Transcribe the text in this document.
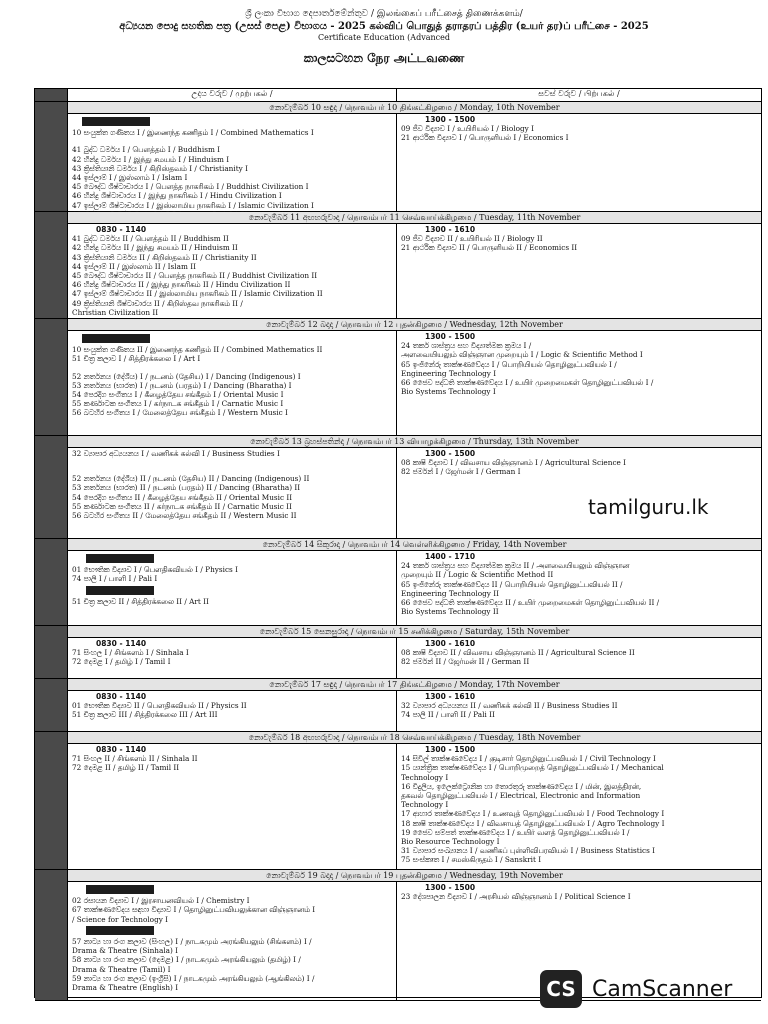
ශ්‍රී ලංකා විභාග දෙපාර්තමේන්තුව / இலங்கைப் பரீட்சைத் திணைக்களம்/
අධ්‍යයන පොදු සහතික පත්‍ර (උසස් පෙළ) විභාගය - 2025 கல்விப் பொதுத் தராதரப் பத்திர (உயர் தர)ப் பரீட்சை - 2025
Certificate Education (Advanced
කාලසටහන நேர அட்டவணை
උදය වරුව / முற்பகல் /	සවස් වරුව / பிற்பகல் /
නොවැම්බර් 10 සඳුදා / நொவம்பர் 10 திங்கட்கிழமை / Monday, 10th November
10 සංයුක්ත ගණිතය I / இணைந்த கணிதம் I / Combined Mathematics I
41 බුද්ධ ධර්මය I / பௌத்தம் I / Buddhism I
42 හින්දු ධර්මය I / இந்து சமயம் I / Hinduism I
43 ක්‍රිස්තියානි ධර්මය I / கிறிஸ்தவம் I / Christianity I
44 ඉස්ලාම් I / இஸ்லாம் I / Islam I
45 බෞද්ධ ශිෂ්ටාචාරය I / பௌத்த நாகரிகம் I / Buddhist Civilization I
46 හින්දු ශිෂ්ටාචාරය I / இந்து நாகரிகம் I / Hindu Civilization I
47 ඉස්ලාම් ශිෂ්ටාචාරය I / இஸ்லாமிய நாகரிகம் I / Islamic Civilization I
1300 - 1500
09 ජීව විද්‍යාව I / உயிரியல் I / Biology I
21 ආර්ථික විද්‍යාව I / பொருளியல் I / Economics I
නොවැම්බර් 11 අඟහරුවාදා / நொவம்பர் 11 செவ்வாய்க்கிழமை / Tuesday, 11th November
0830 - 1140
41 බුද්ධ ධර්මය II / பௌத்தம் II / Buddhism II
42 හින්දු ධර්මය II / இந்து சமயம் II / Hinduism II
43 ක්‍රිස්තියානි ධර්මය II / கிறிஸ்தவம் II / Christianity II
44 ඉස්ලාම් II / இஸ்லாம் II / Islam II
45 බෞද්ධ ශිෂ්ටාචාරය II / பௌத்த நாகரிகம் II / Buddhist Civilization II
46 හින්දු ශිෂ්ටාචාරය II / இந்து நாகரிகம் II / Hindu Civilization II
47 ඉස්ලාම් ශිෂ්ටාචාරය II / இஸ்லாமிய நாகரிகம் II / Islamic Civilization II
49 ක්‍රිස්තියානි ශිෂ්ටාචාරය II / கிறிஸ்தவ நாகரிகம் II /
Christian Civilization II
1300 - 1610
09 ජීව විද්‍යාව II / உயிரியல் II / Biology II
21 ආර්ථික විද්‍යාව II / பொருளியல் II / Economics II
නොවැම්බර් 12 බදාදා / நொவம்பர் 12 புதன்கிழமை / Wednesday, 12th November
10 සංයුක්ත ගණිතය II / இணைந்த கணிதம் II / Combined Mathematics II
51 චිත්‍ර කලාව I / சித்திரக்கலை I / Art I
52 නර්තනය (දේශීය) I / நடனம் (தேசிய) I / Dancing (Indigenous) I
53 නර්තනය (භාරත) I / நடனம் (பரதம்) I / Dancing (Bharatha) I
54 පෙරදිග සංගීතය I / கீழைத்தேய சங்கீதம் I / Oriental Music I
55 කර්ණාටක සංගීතය I / கர்நாடக சங்கீதம் I / Carnatic Music I
56 බටහිර සංගීතය I / மேலைத்தேய சங்கீதம் I / Western Music I
1300 - 1500
24 තර්ක ශාස්ත්‍රය සහ විද්‍යාත්මක ක්‍රමය I /
அளவையியலும் விஞ்ஞான முறையும் I / Logic & Scientific Method I
65 ඉංජිනේරු තාක්ෂණවේදය I / பொறியியல் தொழினுட்பவியல் I /
Engineering Technology I
66 ජෛව පද්ධති තාක්ෂණවේදය I / உயிர் முறைமைகள் தொழினுட்பவியல் I /
Bio Systems Technology I
නොවැම්බර් 13 බ්‍රහස්පතින්දා / நொவம்பர் 13 வியாழக்கிழமை / Thursday, 13th November
32 ව්‍යාපාර අධ්‍යයනය I / வணிகக் கல்வி I / Business Studies I
52 නර්තනය (දේශීය) II / நடனம் (தேசிய) II / Dancing (Indigenous) II
53 නර්තනය (භාරත) II / நடனம் (பரதம்) II / Dancing (Bharatha) II
54 පෙරදිග සංගීතය II / கீழைத்தேய சங்கீதம் II / Oriental Music II
55 කර්ණාටක සංගීතය II / கர்நாடக சங்கீதம் II / Carnatic Music II
56 බටහිර සංගීතය II / மேலைத்தேய சங்கீதம் II / Western Music II
1300 - 1500
08 කෘෂි විද්‍යාව I / விவசாய விஞ்ஞானம் I / Agricultural Science I
82 ජර්මන් I / ஜேர்மன் I / German I
නොවැම්බර් 14 සිකුරාදා / நொவம்பர் 14 வெள்ளிக்கிழமை / Friday, 14th November
01 භෞතික විද්‍යාව I / பௌதிகவியல் I / Physics I
74 පාලි I / பாளி I / Pali I
51 චිත්‍ර කලාව II / சித்திரக்கலை II / Art II
1400 - 1710
24 තර්ක ශාස්ත්‍රය සහ විද්‍යාත්මක ක්‍රමය II / அளவையியலும் விஞ்ஞான
முறையும் II / Logic & Scientific Method II
65 ඉංජිනේරු තාක්ෂණවේදය II / பொறியியல் தொழினுட்பவியல் II /
Engineering Technology II
66 ජෛව පද්ධති තාක්ෂණවේදය II / உயிர் முறைமைகள் தொழினுட்பவியல் II /
Bio Systems Technology II
නොවැම්බර් 15 සෙනසුරාදා / நொவம்பர் 15 சனிக்கிழமை / Saturday, 15th November
0830 - 1140
71 සිංහල I / சிங்களம் I / Sinhala I
72 දෙමළ I / தமிழ் I / Tamil I
1300 - 1610
08 කෘෂි විද්‍යාව II / விவசாய விஞ்ஞானம் II / Agricultural Science II
82 ජර්මන් II / ஜேர்மன் II / German II
නොවැම්බර් 17 සඳුදා / நொவம்பர் 17 திங்கட்கிழமை / Monday, 17th November
0830 - 1140
01 භෞතික විද්‍යාව II / பௌதிகவியல் II / Physics II
51 චිත්‍ර කලාව III / சித்திரக்கலை III / Art III
1300 - 1610
32 ව්‍යාපාර අධ්‍යයනය II / வணிகக் கல்வி II / Business Studies II
74 පාලි II / பாளி II / Pali II
නොවැම්බර් 18 අඟහරුවාදා / நொவம்பர் 18 செவ்வாய்க்கிழமை / Tuesday, 18th November
0830 - 1140
71 සිංහල II / சிங்களம் II / Sinhala II
72 දෙමළ II / தமிழ் II / Tamil II
1300 - 1500
14 සිවිල් තාක්ෂණවේදය I / குடிசார் தொழினுட்பவியல் I / Civil Technology I
15 යාන්ත්‍රික තාක්ෂණවේදය I / பொறிமுறைத் தொழினுட்பவியல் I / Mechanical
Technology I
16 විදුලිය, ඉලෙක්ට්‍රොනික හා තොරතුරු තාක්ෂණවේදය I / மின், இலத்திரன்,
தகவல் தொழினுட்பவியல் I / Electrical, Electronic and Information
Technology I
17 ආහාර තාක්ෂණවේදය I / உணவுத் தொழினுட்பவியல் I / Food Technology I
18 කෘෂි තාක්ෂණවේදය I / விவசாயத் தொழினுட்பவியல் I / Agro Technology I
19 ජෛව සම්පත් තාක්ෂණවේදය I / உயிர் வளத் தொழினுட்பவியல் I /
Bio Resource Technology I
31 ව්‍යාපාර සංඛ්‍යානය I / வணிகப் புள்ளிவிபரவியல் I / Business Statistics I
75 සංස්කෘත I / சமஸ்கிருதம் I / Sanskrit I
නොවැම්බර් 19 බදාදා / நொவம்பர் 19 புதன்கிழமை / Wednesday, 19th November
02 රසායන විද්‍යාව I / இரசாயனவியல் I / Chemistry I
67 තාක්ෂණවේදය සඳහා විද්‍යාව I / தொழினுட்பவியலுக்கான விஞ்ஞானம் I
/ Science for Technology I
57 නාට්‍ය හා රංග කලාව (සිංහල) I / நாடகமும் அரங்கியலும் (சிங்களம்) I /
Drama & Theatre (Sinhala) I
58 නාට්‍ය හා රංග කලාව (දෙමළ) I / நாடகமும் அரங்கியலும் (தமிழ்) I /
Drama & Theatre (Tamil) I
59 නාට්‍ය හා රංග කලාව (ඉංග්‍රීසි) I / நாடகமும் அரங்கியலும் (ஆங்கிலம்) I /
Drama & Theatre (English) I
1300 - 1500
23 දේශපාලන විද්‍යාව I / அரசியல் விஞ்ஞானம் I / Political Science I
tamilguru.lk
CS CamScanner
